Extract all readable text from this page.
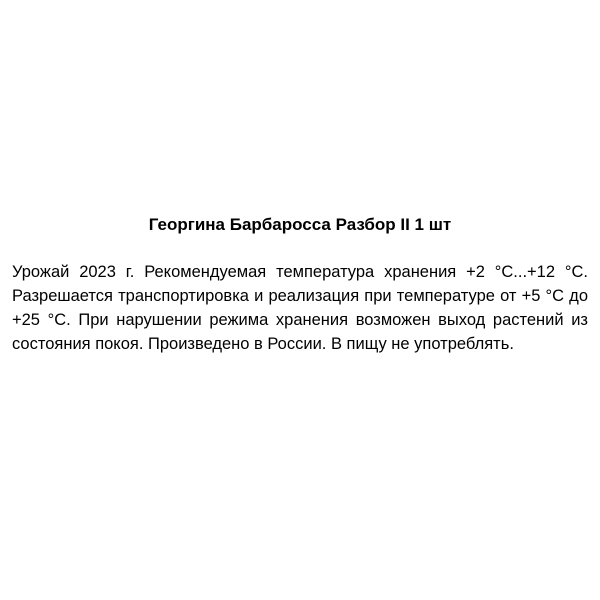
Георгина Барбаросса Разбор II 1 шт

Урожай 2023 г. Рекомендуемая температура хранения +2 °С...+12 °С. Разрешается транспортировка и реализация при температуре от +5 °С до +25 °С. При нарушении режима хранения возможен выход растений из состояния покоя. Произведено в России. В пищу не употреблять.
